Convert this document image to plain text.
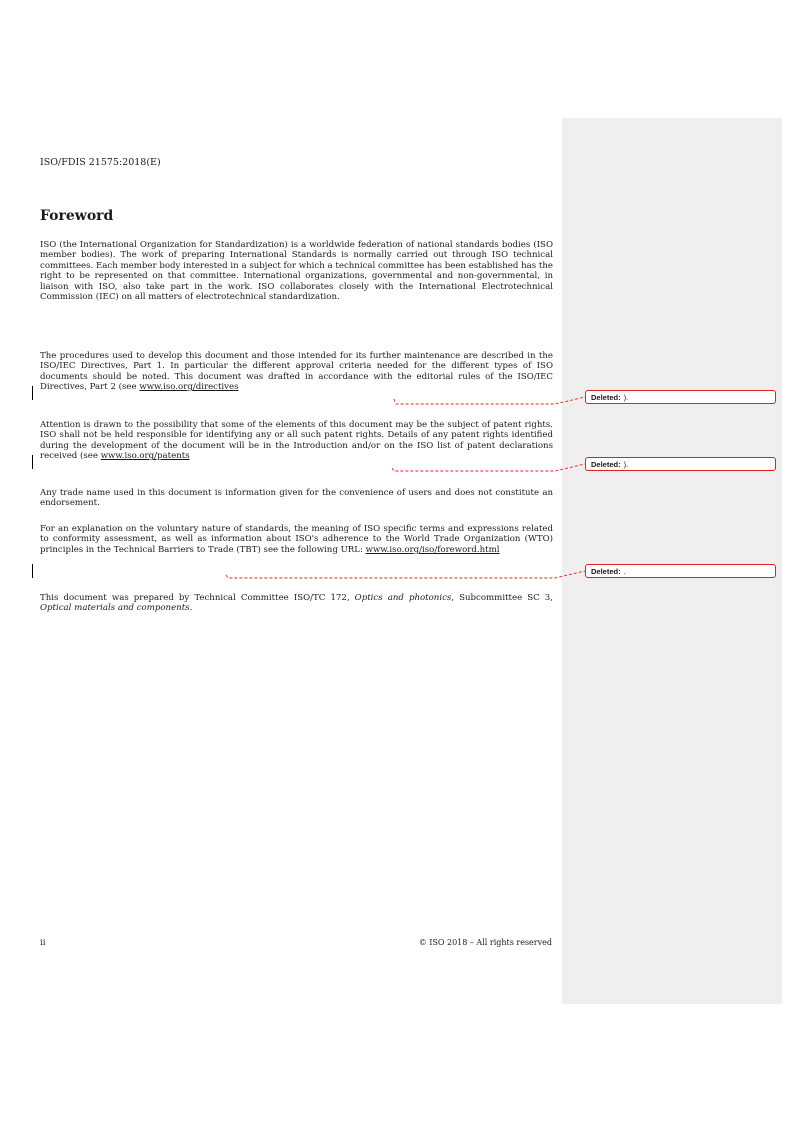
ISO/FDIS 21575:2018(E)
Foreword

ISO (the International Organization for Standardization) is a worldwide federation of national standards bodies (ISO member bodies). The work of preparing International Standards is normally carried out through ISO technical committees. Each member body interested in a subject for which a technical committee has been established has the right to be represented on that committee. International organizations, governmental and non-governmental, in liaison with ISO, also take part in the work. ISO collaborates closely with the International Electrotechnical Commission (IEC) on all matters of electrotechnical standardization.

The procedures used to develop this document and those intended for its further maintenance are described in the ISO/IEC Directives, Part 1. In particular the different approval criteria needed for the different types of ISO documents should be noted. This document was drafted in accordance with the editorial rules of the ISO/IEC Directives, Part 2 (see www.iso.org/directives

Attention is drawn to the possibility that some of the elements of this document may be the subject of patent rights. ISO shall not be held responsible for identifying any or all such patent rights. Details of any patent rights identified during the development of the document will be in the Introduction and/or on the ISO list of patent declarations received (see www.iso.org/patents

Any trade name used in this document is information given for the convenience of users and does not constitute an endorsement.

For an explanation on the voluntary nature of standards, the meaning of ISO specific terms and expressions related to conformity assessment, as well as information about ISO's adherence to the World Trade Organization (WTO) principles in the Technical Barriers to Trade (TBT) see the following URL: www.iso.org/iso/foreword.html

This document was prepared by Technical Committee ISO/TC 172, Optics and photonics, Subcommittee SC 3, Optical materials and components.

Deleted: ).
Deleted: ).
Deleted: .
ii	© ISO 2018 – All rights reserved
